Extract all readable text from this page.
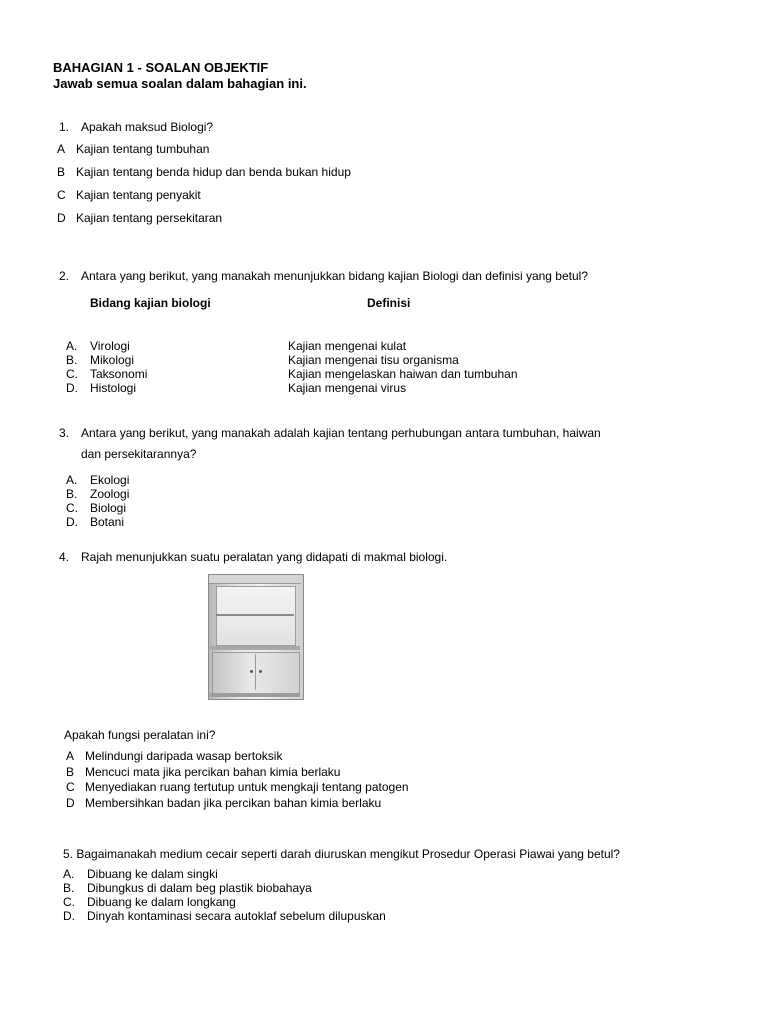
BAHAGIAN 1 - SOALAN OBJEKTIF
Jawab semua soalan dalam bahagian ini.
1. Apakah maksud Biologi?
A Kajian tentang tumbuhan
B Kajian tentang benda hidup dan benda bukan hidup
C Kajian tentang penyakit
D Kajian tentang persekitaran
2. Antara yang berikut, yang manakah menunjukkan bidang kajian Biologi dan definisi yang betul?
Bidang kajian biologi	Definisi
A. Virologi	Kajian mengenai kulat
B. Mikologi	Kajian mengenai tisu organisma
C. Taksonomi	Kajian mengelaskan haiwan dan tumbuhan
D. Histologi	Kajian mengenai virus
3. Antara yang berikut, yang manakah adalah kajian tentang perhubungan antara tumbuhan, haiwan
dan persekitarannya?
A. Ekologi
B. Zoologi
C. Biologi
D. Botani
4. Rajah menunjukkan suatu peralatan yang didapati di makmal biologi.
Apakah fungsi peralatan ini?
A Melindungi daripada wasap bertoksik
B Mencuci mata jika percikan bahan kimia berlaku
C Menyediakan ruang tertutup untuk mengkaji tentang patogen
D Membersihkan badan jika percikan bahan kimia berlaku
5. Bagaimanakah medium cecair seperti darah diuruskan mengikut Prosedur Operasi Piawai yang betul?
A. Dibuang ke dalam singki
B. Dibungkus di dalam beg plastik biobahaya
C. Dibuang ke dalam longkang
D. Dinyah kontaminasi secara autoklaf sebelum dilupuskan
